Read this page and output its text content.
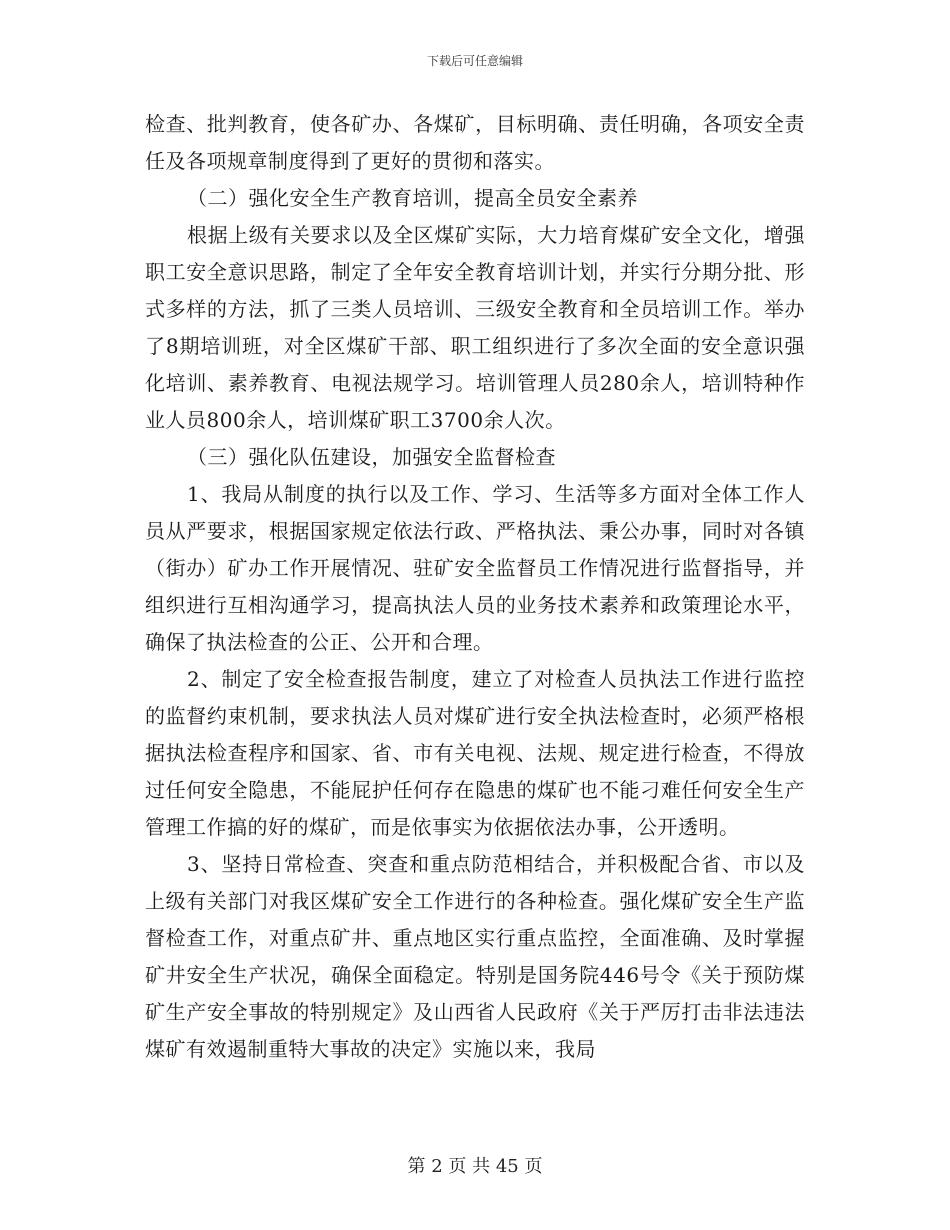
下载后可任意编辑

检查、批判教育，使各矿办、各煤矿，目标明确、责任明确，各项安全责任及各项规章制度得到了更好的贯彻和落实。

（二）强化安全生产教育培训，提高全员安全素养

根据上级有关要求以及全区煤矿实际，大力培育煤矿安全文化，增强职工安全意识思路，制定了全年安全教育培训计划，并实行分期分批、形式多样的方法，抓了三类人员培训、三级安全教育和全员培训工作。举办了8期培训班，对全区煤矿干部、职工组织进行了多次全面的安全意识强化培训、素养教育、电视法规学习。培训管理人员280余人，培训特种作业人员800余人，培训煤矿职工3700余人次。

（三）强化队伍建设，加强安全监督检查

1、我局从制度的执行以及工作、学习、生活等多方面对全体工作人员从严要求，根据国家规定依法行政、严格执法、秉公办事，同时对各镇（街办）矿办工作开展情况、驻矿安全监督员工作情况进行监督指导，并组织进行互相沟通学习，提高执法人员的业务技术素养和政策理论水平，确保了执法检查的公正、公开和合理。

2、制定了安全检查报告制度，建立了对检查人员执法工作进行监控的监督约束机制，要求执法人员对煤矿进行安全执法检查时，必须严格根据执法检查程序和国家、省、市有关电视、法规、规定进行检查，不得放过任何安全隐患，不能屁护任何存在隐患的煤矿也不能刁难任何安全生产管理工作搞的好的煤矿，而是依事实为依据依法办事，公开透明。

3、坚持日常检查、突查和重点防范相结合，并积极配合省、市以及上级有关部门对我区煤矿安全工作进行的各种检查。强化煤矿安全生产监督检查工作，对重点矿井、重点地区实行重点监控，全面准确、及时掌握矿井安全生产状况，确保全面稳定。特别是国务院446号令《关于预防煤矿生产安全事故的特别规定》及山西省人民政府《关于严厉打击非法违法煤矿有效遏制重特大事故的决定》实施以来，我局

第 2 页 共 45 页
